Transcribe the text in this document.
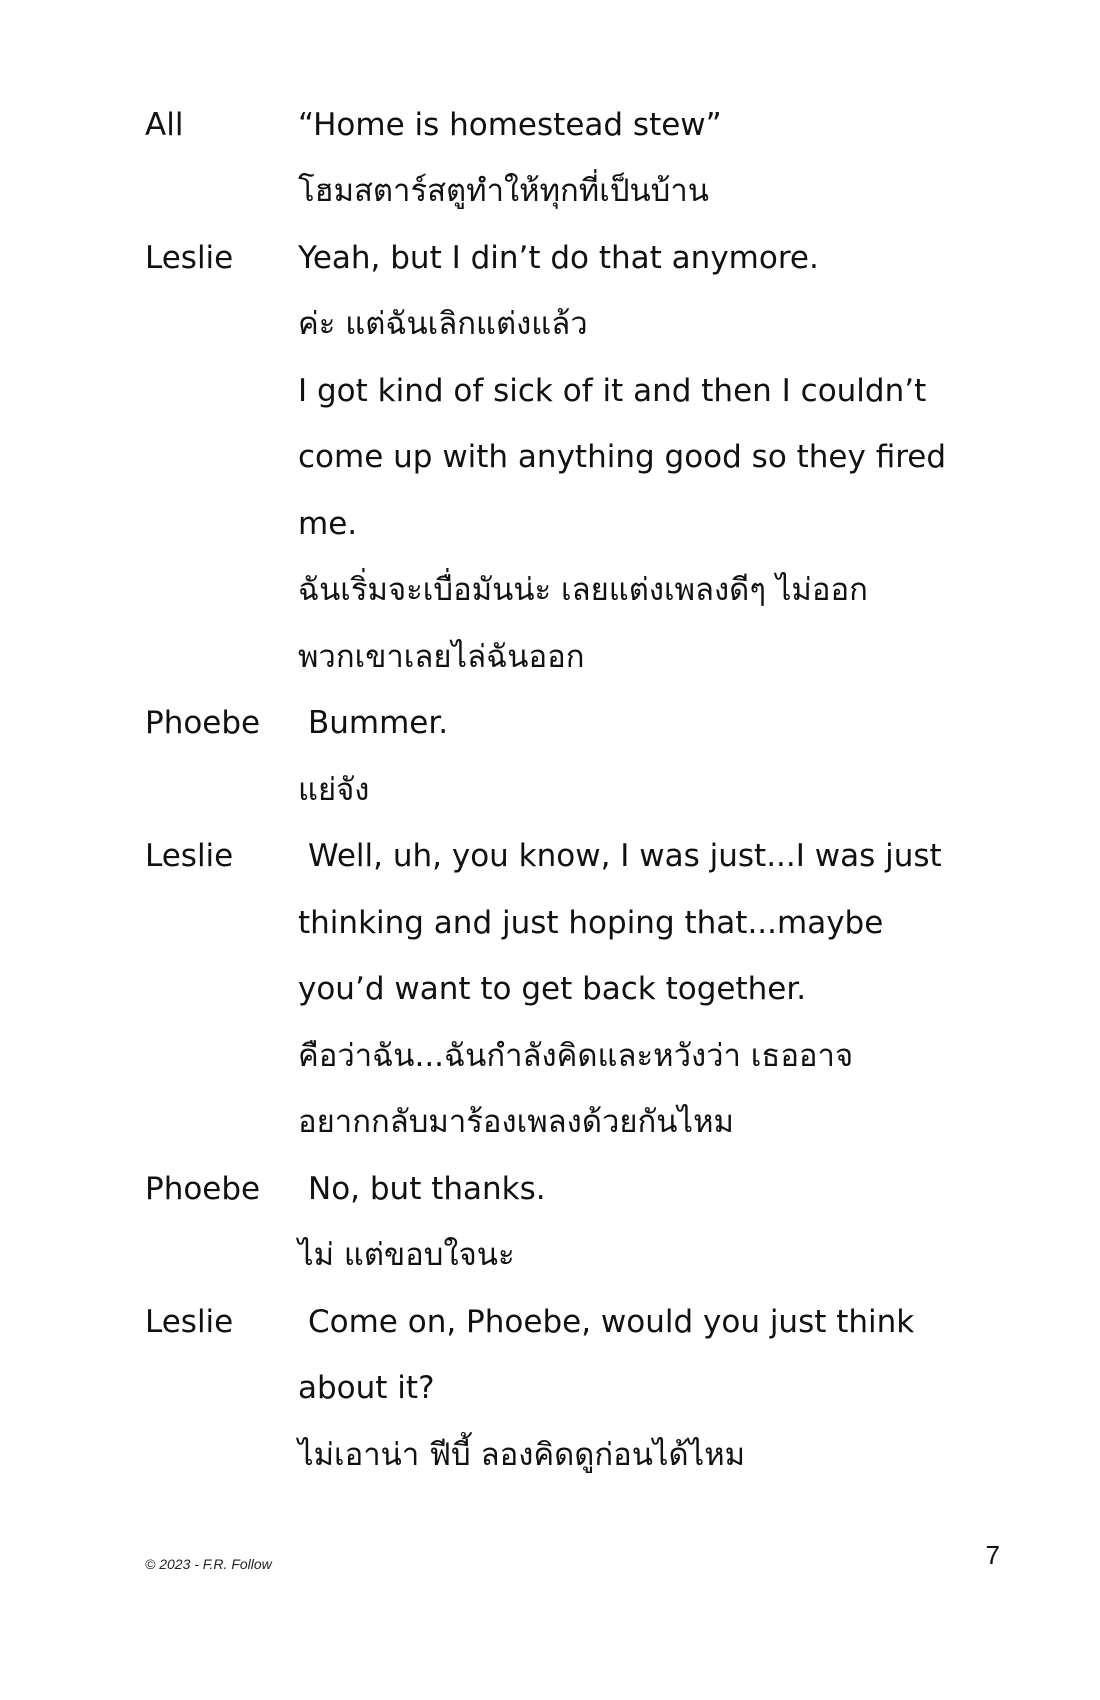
All	“Home is homestead stew”
โฮมสตาร์สตูทำให้ทุกที่เป็นบ้าน
Leslie	Yeah, but I din’t do that anymore.
ค่ะ แต่ฉันเลิกแต่งแล้ว
I got kind of sick of it and then I couldn’t
come up with anything good so they fired
me.
ฉันเริ่มจะเบื่อมันน่ะ เลยแต่งเพลงดีๆ ไม่ออก
พวกเขาเลยไล่ฉันออก
Phoebe	Bummer.
แย่จัง
Leslie	Well, uh, you know, I was just...I was just
thinking and just hoping that...maybe
you’d want to get back together.
คือว่าฉัน...ฉันกำลังคิดและหวังว่า เธออาจ
อยากกลับมาร้องเพลงด้วยกันไหม
Phoebe	No, but thanks.
ไม่ แต่ขอบใจนะ
Leslie	Come on, Phoebe, would you just think
about it?
ไม่เอาน่า ฟีบี้ ลองคิดดูก่อนได้ไหม
© 2023 - F.R. Follow	7
